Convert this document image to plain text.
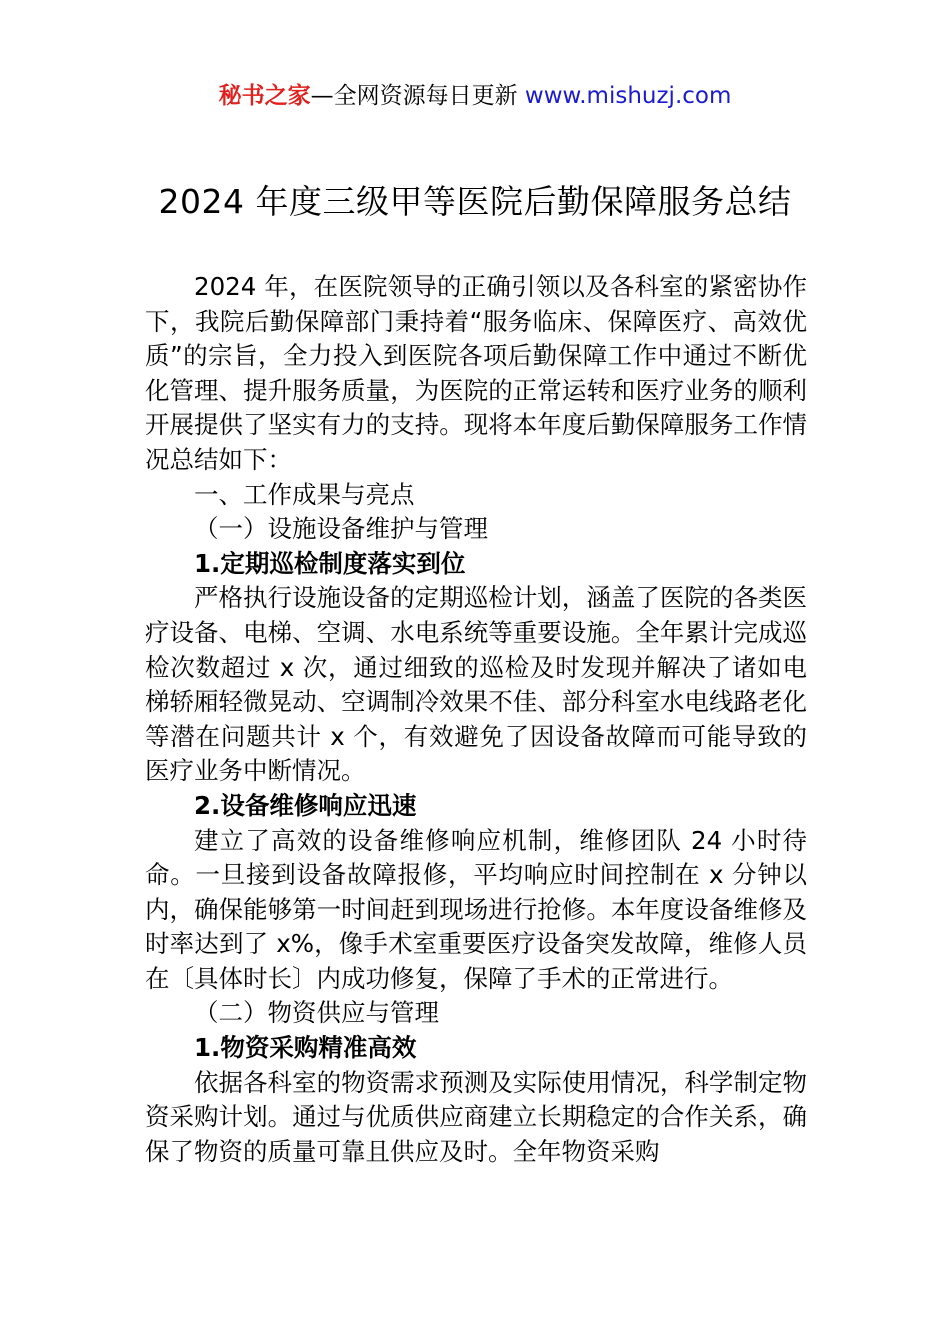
秘书之家—全网资源每日更新 www.mishuzj.com
2024 年度三级甲等医院后勤保障服务总结

2024 年，在医院领导的正确引领以及各科室的紧密协作下，我院后勤保障部门秉持着“服务临床、保障医疗、高效优质”的宗旨，全力投入到医院各项后勤保障工作中通过不断优化管理、提升服务质量，为医院的正常运转和医疗业务的顺利开展提供了坚实有力的支持。现将本年度后勤保障服务工作情况总结如下：

一、工作成果与亮点

（一）设施设备维护与管理

1.定期巡检制度落实到位

严格执行设施设备的定期巡检计划，涵盖了医院的各类医疗设备、电梯、空调、水电系统等重要设施。全年累计完成巡检次数超过 x 次，通过细致的巡检及时发现并解决了诸如电梯轿厢轻微晃动、空调制冷效果不佳、部分科室水电线路老化等潜在问题共计 x 个，有效避免了因设备故障而可能导致的医疗业务中断情况。

2.设备维修响应迅速

建立了高效的设备维修响应机制，维修团队 24 小时待命。一旦接到设备故障报修，平均响应时间控制在 x 分钟以内，确保能够第一时间赶到现场进行抢修。本年度设备维修及时率达到了 x%，像手术室重要医疗设备突发故障，维修人员在〔具体时长〕内成功修复，保障了手术的正常进行。

（二）物资供应与管理

1.物资采购精准高效

依据各科室的物资需求预测及实际使用情况，科学制定物资采购计划。通过与优质供应商建立长期稳定的合作关系，确保了物资的质量可靠且供应及时。全年物资采购
